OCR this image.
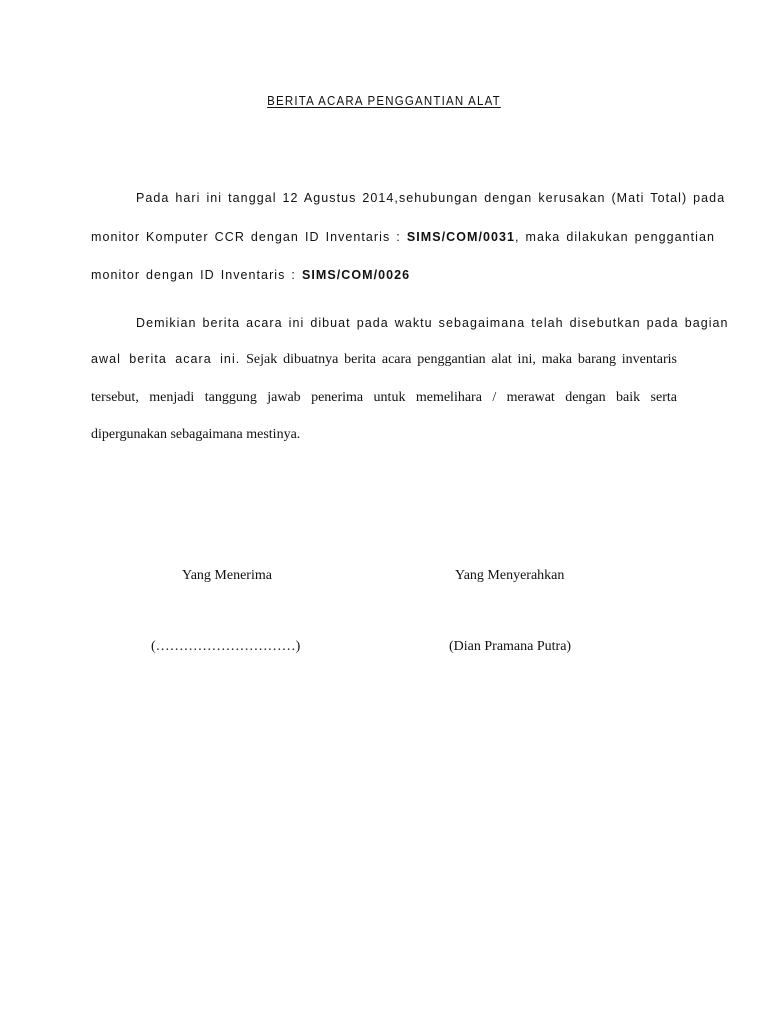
BERITA ACARA PENGGANTIAN ALAT
Pada hari ini tanggal 12 Agustus 2014,sehubungan dengan kerusakan (Mati Total) pada
monitor Komputer CCR dengan ID Inventaris : SIMS/COM/0031, maka dilakukan penggantian
monitor dengan ID Inventaris : SIMS/COM/0026
Demikian berita acara ini dibuat pada waktu sebagaimana telah disebutkan pada bagian
awal berita acara ini. Sejak dibuatnya berita acara penggantian alat ini, maka barang inventaris
tersebut, menjadi tanggung jawab penerima untuk memelihara / merawat dengan baik serta
dipergunakan sebagaimana mestinya.
Yang Menerima	Yang Menyerahkan
(…………………………)	(Dian Pramana Putra)
